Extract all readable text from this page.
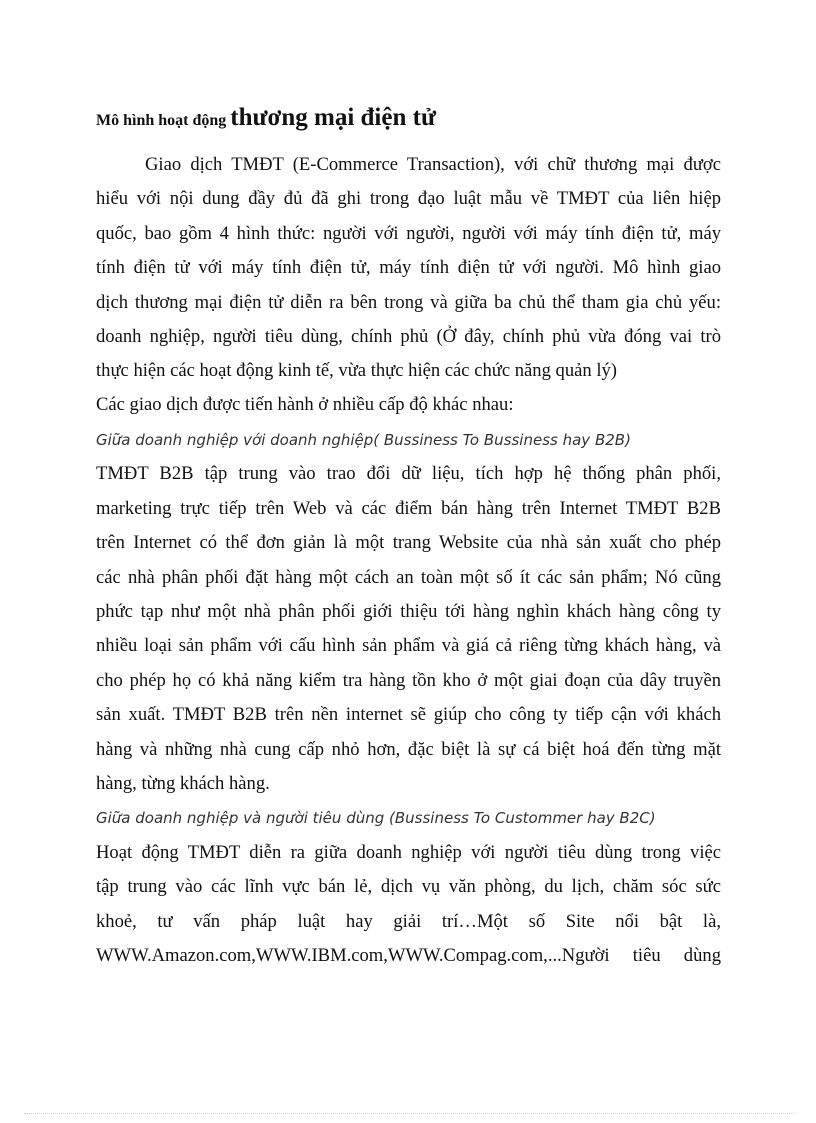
Mô hình hoạt động thương mại điện tử
Giao dịch TMĐT (E-Commerce Transaction), với chữ thương mại được
hiểu với nội dung đầy đủ đã ghi trong đạo luật mẫu về TMĐT của liên hiệp
quốc, bao gồm 4 hình thức: người với người, người với máy tính điện tử, máy
tính điện tử với máy tính điện tử, máy tính điện tử với người. Mô hình giao
dịch thương mại điện tử diễn ra bên trong và giữa ba chủ thể tham gia chủ yếu:
doanh nghiệp, người tiêu dùng, chính phủ (Ở đây, chính phủ vừa đóng vai trò
thực hiện các hoạt động kinh tế, vừa thực hiện các chức năng quản lý)
Các giao dịch được tiến hành ở nhiều cấp độ khác nhau:
Giữa doanh nghiệp với doanh nghiệp( Bussiness To Bussiness hay B2B)
TMĐT B2B tập trung vào trao đổi dữ liệu, tích hợp hệ thống phân phối,
marketing trực tiếp trên Web và các điểm bán hàng trên Internet TMĐT B2B
trên Internet có thể đơn giản là một trang Website của nhà sản xuất cho phép
các nhà phân phối đặt hàng một cách an toàn một số ít các sản phẩm; Nó cũng
phức tạp như một nhà phân phối giới thiệu tới hàng nghìn khách hàng công ty
nhiều loại sản phẩm với cấu hình sản phẩm và giá cả riêng từng khách hàng, và
cho phép họ có khả năng kiểm tra hàng tồn kho ở một giai đoạn của dây truyền
sản xuất. TMĐT B2B trên nền internet sẽ giúp cho công ty tiếp cận với khách
hàng và những nhà cung cấp nhỏ hơn, đặc biệt là sự cá biệt hoá đến từng mặt
hàng, từng khách hàng.
Giữa doanh nghiệp và người tiêu dùng (Bussiness To Custommer hay B2C)
Hoạt động TMĐT diễn ra giữa doanh nghiệp với người tiêu dùng trong việc
tập trung vào các lĩnh vực bán lẻ, dịch vụ văn phòng, du lịch, chăm sóc sức
khoẻ, tư vấn pháp luật hay giải trí…Một số Site nổi bật là,
WWW.Amazon.com,WWW.IBM.com,WWW.Compag.com,...Người tiêu dùng
